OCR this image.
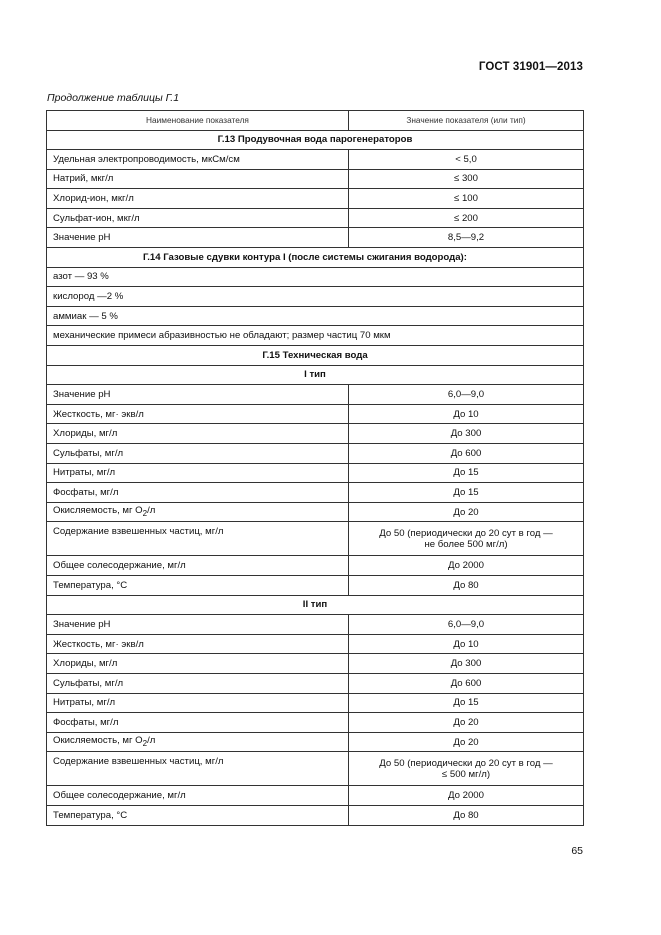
ГОСТ 31901—2013
Продолжение таблицы Г.1
Наименование показателя	Значение показателя (или тип)
Г.13 Продувочная вода парогенераторов	
Удельная электропроводимость, мкСм/см	< 5,0
Натрий, мкг/л	≤ 300
Хлорид-ион, мкг/л	≤ 100
Сульфат-ион, мкг/л	≤ 200
Значение pH	8,5—9,2
Г.14 Газовые сдувки контура I (после системы сжигания водорода):	
азот — 93 %	
кислород —2 %	
аммиак — 5 %	
механические примеси абразивностью не обладают; размер частиц 70 мкм	
Г.15 Техническая вода	
I тип	
Значение pH	6,0—9,0
Жесткость, мг· экв/л	До 10
Хлориды, мг/л	До 300
Сульфаты, мг/л	До 600
Нитраты, мг/л	До 15
Фосфаты, мг/л	До 15
Окисляемость, мг $O_2/л$	До 20
Содержание взвешенных частиц, мг/л	До 50 (периодически до 20 сут в год —
не более 500 мг/л)

Общее солесодержание, мг/л	До 2000
Температура, °C	До 80
II тип	
Значение pH	6,0—9,0
Жесткость, мг· экв/л	До 10
Хлориды, мг/л	До 300
Сульфаты, мг/л	До 600
Нитраты, мг/л	До 15
Фосфаты, мг/л	До 20
Окисляемость, мг $O_2/л$	До 20
Содержание взвешенных частиц, мг/л	До 50 (периодически до 20 сут в год —
≤ 500 мг/л)

Общее солесодержание, мг/л	До 2000
Температура, °C	До 80
65
